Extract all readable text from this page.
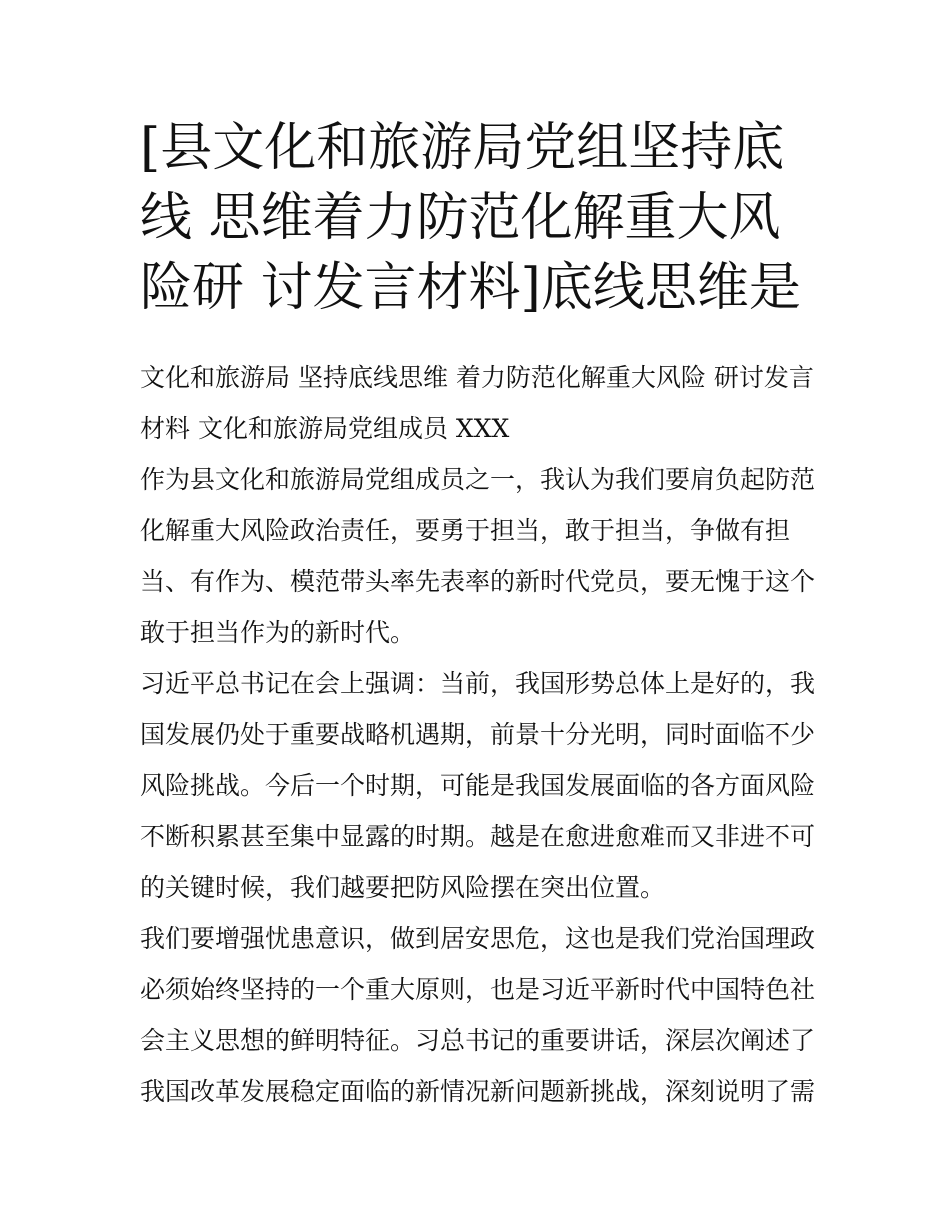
[县文化和旅游局党组坚持底线 思维着力防范化解重大风险研 讨发言材料]底线思维是

文化和旅游局 坚持底线思维 着力防范化解重大风险 研讨发言
材料 文化和旅游局党组成员 XXX

作为县文化和旅游局党组成员之一，我认为我们要肩负起防范
化解重大风险政治责任，要勇于担当，敢于担当，争做有担
当、有作为、模范带头率先表率的新时代党员，要无愧于这个
敢于担当作为的新时代。

习近平总书记在会上强调：当前，我国形势总体上是好的，我
国发展仍处于重要战略机遇期，前景十分光明，同时面临不少
风险挑战。今后一个时期，可能是我国发展面临的各方面风险
不断积累甚至集中显露的时期。越是在愈进愈难而又非进不可
的关键时候，我们越要把防风险摆在突出位置。

我们要增强忧患意识，做到居安思危，这也是我们党治国理政
必须始终坚持的一个重大原则，也是习近平新时代中国特色社
会主义思想的鲜明特征。习总书记的重要讲话，深层次阐述了
我国改革发展稳定面临的新情况新问题新挑战，深刻说明了需
